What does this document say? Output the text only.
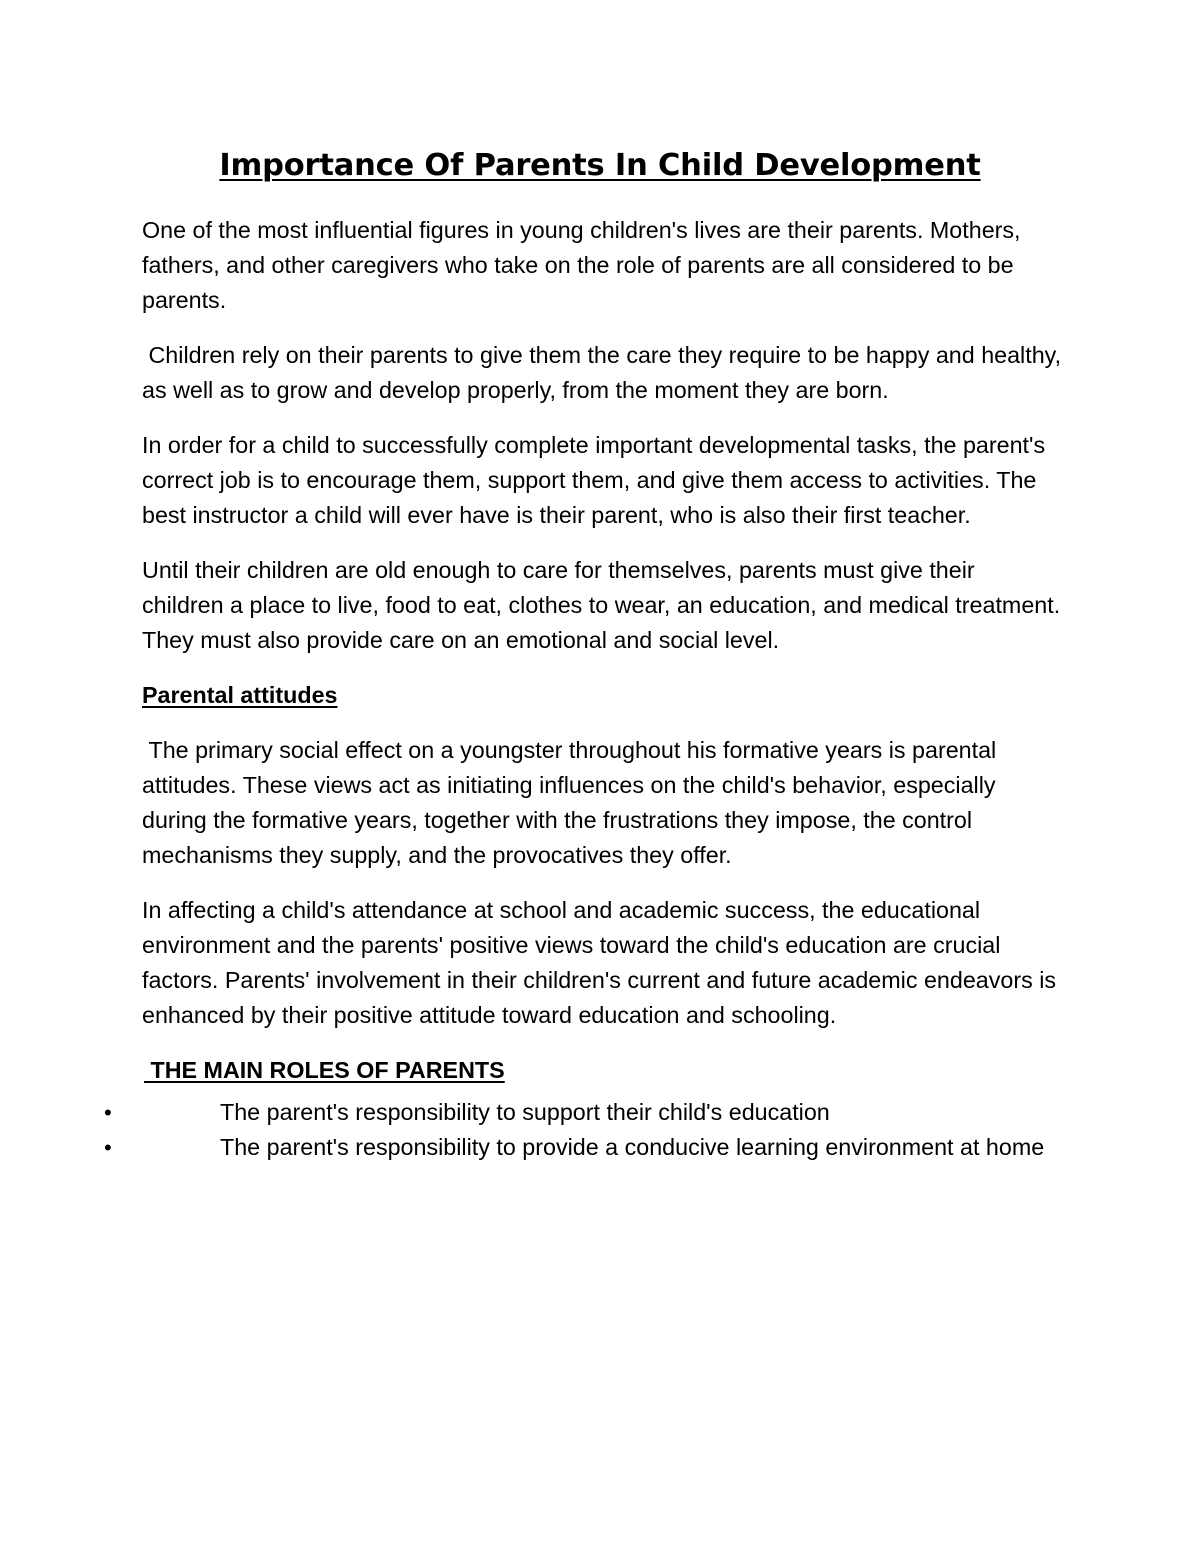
Importance Of Parents In Child Development

One of the most influential figures in young children's lives are their parents. Mothers, fathers, and other caregivers who take on the role of parents are all considered to be parents.

Children rely on their parents to give them the care they require to be happy and healthy, as well as to grow and develop properly, from the moment they are born.

In order for a child to successfully complete important developmental tasks, the parent's correct job is to encourage them, support them, and give them access to activities. The best instructor a child will ever have is their parent, who is also their first teacher.

Until their children are old enough to care for themselves, parents must give their children a place to live, food to eat, clothes to wear, an education, and medical treatment. They must also provide care on an emotional and social level.

Parental attitudes

The primary social effect on a youngster throughout his formative years is parental attitudes. These views act as initiating influences on the child's behavior, especially during the formative years, together with the frustrations they impose, the control mechanisms they supply, and the provocatives they offer.

In affecting a child's attendance at school and academic success, the educational environment and the parents' positive views toward the child's education are crucial factors. Parents' involvement in their children's current and future academic endeavors is enhanced by their positive attitude toward education and schooling.

THE MAIN ROLES OF PARENTS
•	The parent's responsibility to support their child's education
•	The parent's responsibility to provide a conducive learning environment at home
